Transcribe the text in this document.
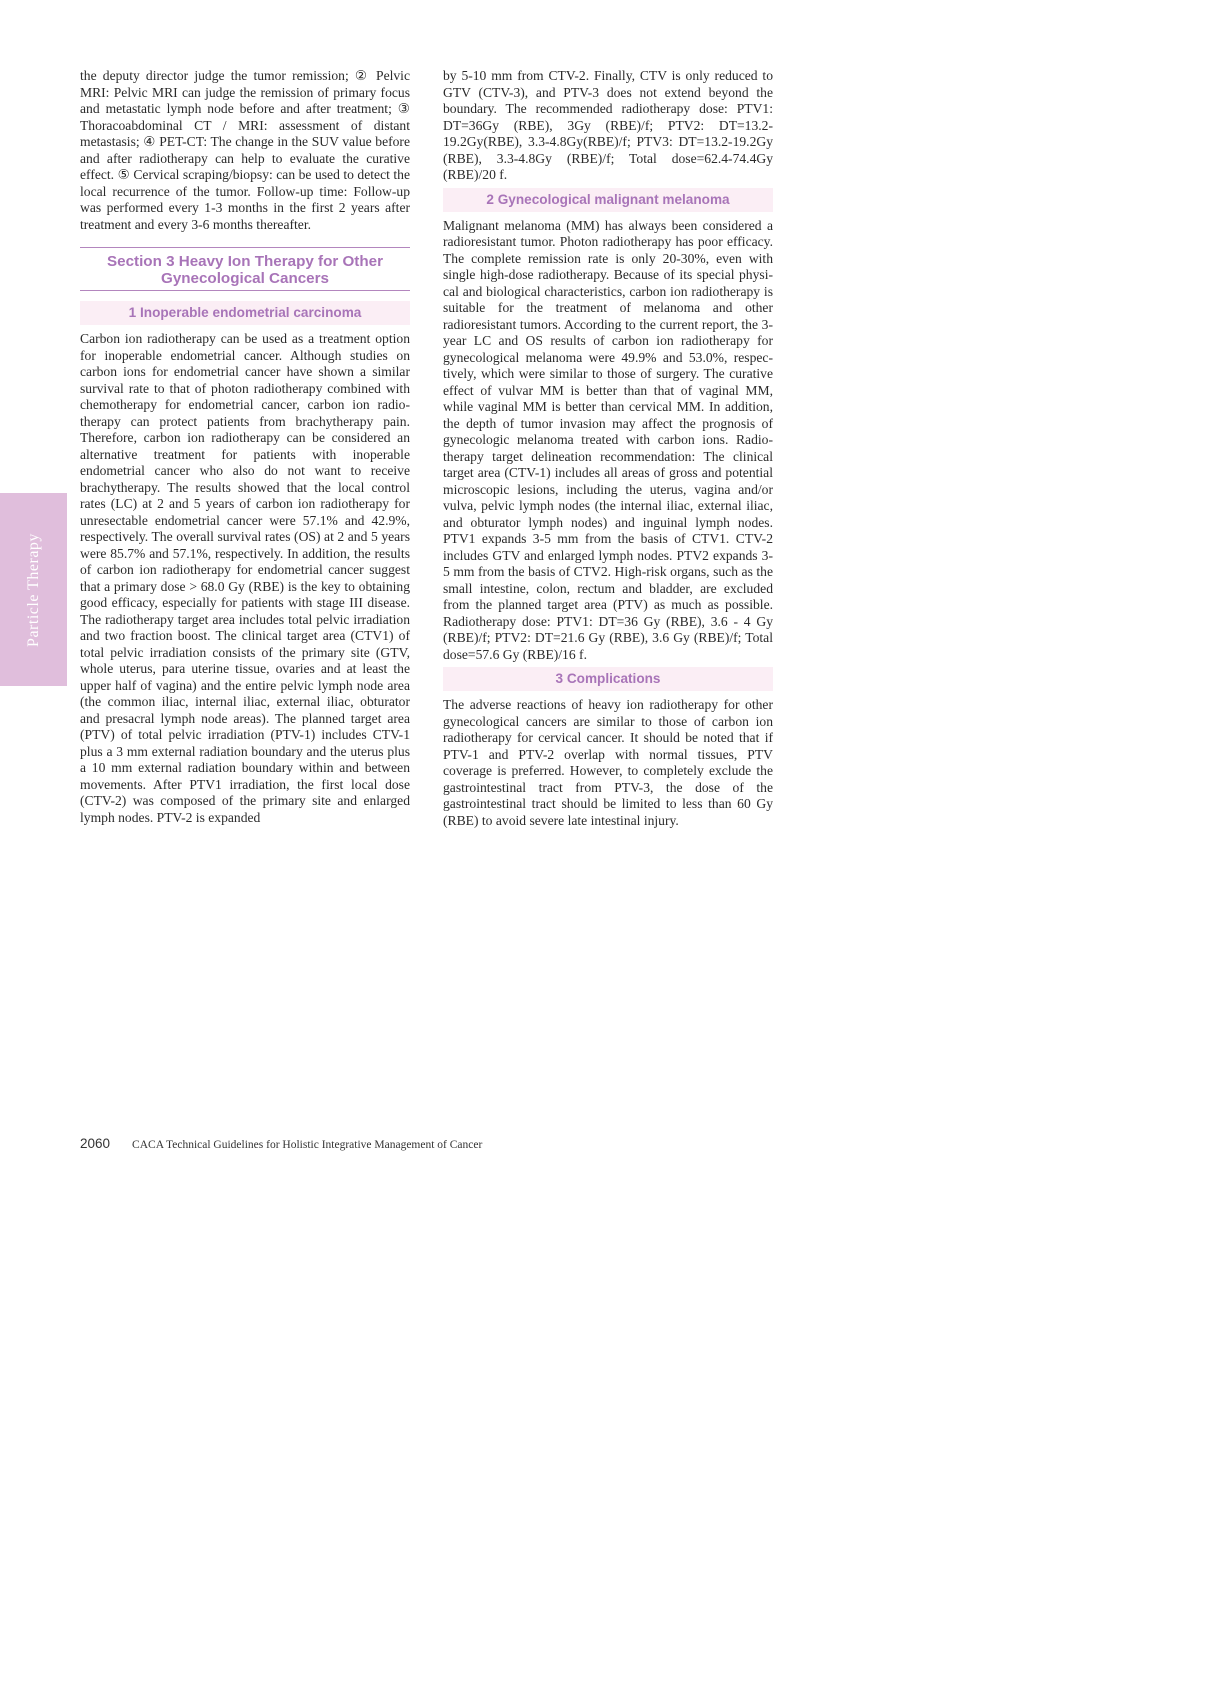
Particle Therapy

the deputy director judge the tumor remission; ② Pelvic MRI: Pelvic MRI can judge the remission of primary focus and metastatic lymph node before and after treatment; ③ Thoracoabdominal CT / MRI: assessment of distant metastasis; ④ PET-CT: The change in the SUV value before and after radiotherapy can help to evaluate the curative effect. ⑤ Cervical scraping/biopsy: can be used to detect the local recurrence of the tumor. Follow-up time: Follow-up was performed every 1-3 months in the first 2 years after treatment and every 3-6 months thereafter.

Section 3 Heavy Ion Therapy for Other Gynecological Cancers
1 Inoperable endometrial carcinoma

Carbon ion radiotherapy can be used as a treatment option for inoperable endometrial cancer. Although studies on carbon ions for endometrial cancer have shown a similar survival rate to that of photon radiotherapy combined with chemotherapy for endometrial cancer, carbon ion radiotherapy can protect patients from brachytherapy pain. Therefore, carbon ion radiotherapy can be considered an alternative treatment for patients with inoperable endometrial cancer who also do not want to receive brachytherapy. The results showed that the local control rates (LC) at 2 and 5 years of carbon ion radiotherapy for unresectable endometrial cancer were 57.1% and 42.9%, respectively. The overall survival rates (OS) at 2 and 5 years were 85.7% and 57.1%, respectively. In addition, the results of carbon ion radiotherapy for endometrial cancer suggest that a primary dose > 68.0 Gy (RBE) is the key to obtaining good efficacy, especially for patients with stage III disease. The radiotherapy target area includes total pelvic irradiation and two fraction boost. The clinical target area (CTV1) of total pelvic irradiation consists of the primary site (GTV, whole uterus, para uterine tissue, ovaries and at least the upper half of vagina) and the entire pelvic lymph node area (the common iliac, internal iliac, external iliac, obturator and presacral lymph node areas). The planned target area (PTV) of total pelvic irradiation (PTV-1) includes CTV-1 plus a 3 mm external radiation boundary and the uterus plus a 10 mm external radiation boundary within and between movements. After PTV1 irradiation, the first local dose (CTV-2) was composed of the primary site and enlarged lymph nodes. PTV-2 is expanded

by 5-10 mm from CTV-2. Finally, CTV is only reduced to GTV (CTV-3), and PTV-3 does not extend beyond the boundary. The recommended radiotherapy dose: PTV1: DT=36Gy (RBE), 3Gy (RBE)/f; PTV2: DT=13.2-19.2Gy(RBE), 3.3-4.8Gy(RBE)/f; PTV3: DT=13.2-19.2Gy (RBE), 3.3-4.8Gy (RBE)/f; Total dose=62.4-74.4Gy (RBE)/20 f.

2 Gynecological malignant melanoma

Malignant melanoma (MM) has always been considered a radioresistant tumor. Photon radiotherapy has poor efficacy. The complete remission rate is only 20-30%, even with single high-dose radiotherapy. Because of its special physical and biological characteristics, carbon ion radiotherapy is suitable for the treatment of melanoma and other radioresistant tumors. According to the current report, the 3-year LC and OS results of carbon ion radiotherapy for gynecological melanoma were 49.9% and 53.0%, respectively, which were similar to those of surgery. The curative effect of vulvar MM is better than that of vaginal MM, while vaginal MM is better than cervical MM. In addition, the depth of tumor invasion may affect the prognosis of gynecologic melanoma treated with carbon ions. Radiotherapy target delineation recommendation: The clinical target area (CTV-1) includes all areas of gross and potential microscopic lesions, including the uterus, vagina and/or vulva, pelvic lymph nodes (the internal iliac, external iliac, and obturator lymph nodes) and inguinal lymph nodes. PTV1 expands 3-5 mm from the basis of CTV1. CTV-2 includes GTV and enlarged lymph nodes. PTV2 expands 3-5 mm from the basis of CTV2. High-risk organs, such as the small intestine, colon, rectum and bladder, are excluded from the planned target area (PTV) as much as possible. Radiotherapy dose: PTV1: DT=36 Gy (RBE), 3.6 - 4 Gy (RBE)/f; PTV2: DT=21.6 Gy (RBE), 3.6 Gy (RBE)/f; Total dose=57.6 Gy (RBE)/16 f.

3 Complications

The adverse reactions of heavy ion radiotherapy for other gynecological cancers are similar to those of carbon ion radiotherapy for cervical cancer. It should be noted that if PTV-1 and PTV-2 overlap with normal tissues, PTV coverage is preferred. However, to completely exclude the gastrointestinal tract from PTV-3, the dose of the gastrointestinal tract should be limited to less than 60 Gy (RBE) to avoid severe late intestinal injury.

2060 CACA Technical Guidelines for Holistic Integrative Management of Cancer
